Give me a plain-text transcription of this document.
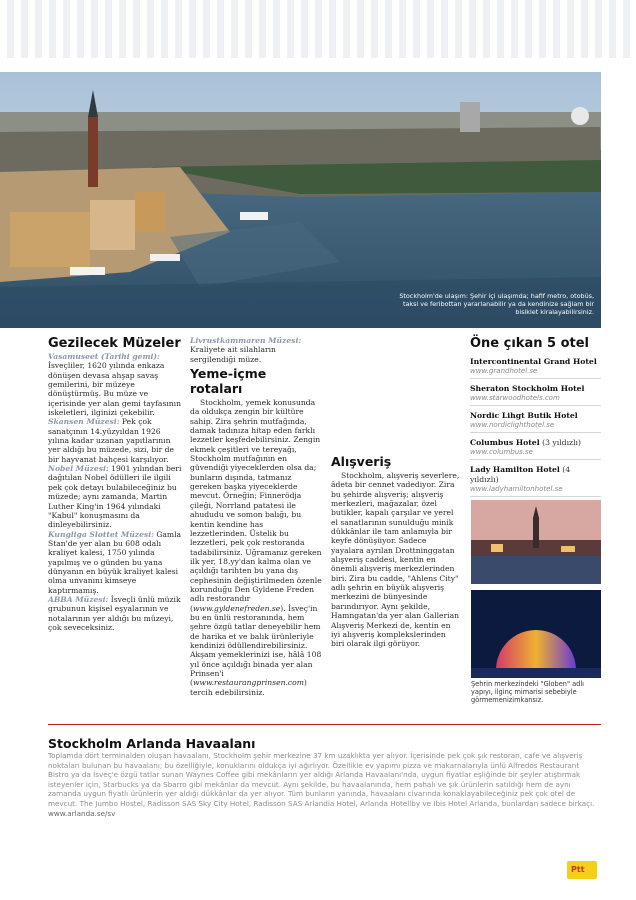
Stockholm'de ulaşım: Şehir içi ulaşımda; hafif metro, otobüs, taksi ve feribottan yararlanabilir ya da kendinize sağlam bir bisiklet kiralayabilirsiniz.
Gezilecek Müzeler

Vasamuseet (Tarihi gemi): İsveçliler, 1620 yılında enkaza dönüşen devasa ahşap savaş gemilerini, bir müzeye dönüştürmüş. Bu müze ve içerisinde yer alan gemi tayfasının iskeletleri, ilginizi çekebilir.

Skansen Müzesi: Pek çok sanatçının 14.yüzyıldan 1926 yılına kadar uzanan yapıtlarının yer aldığı bu müzede, sizi, bir de bir hayvanat bahçesi karşılıyor.

Nobel Müzesi: 1901 yılından beri dağıtılan Nobel ödülleri ile ilgili pek çok detayı bulabileceğiniz bu müzede; aynı zamanda, Martin Luther King'in 1964 yılındaki "Kabul" konuşmasını da dinleyebilirsiniz.

Kungliga Slottet Müzesi: Gamla Stan'de yer alan bu 608 odalı kraliyet kalesi, 1750 yılında yapılmış ve o günden bu yana dünyanın en büyük kraliyet kalesi olma unvanını kimseye kaptırmamış.

ABBA Müzesi: İsveçli ünlü müzik grubunun kişisel eşyalarının ve notalarının yer aldığı bu müzeyi, çok seveceksiniz.

Livrustkammaren Müzesi: Kraliyete ait silahların sergilendiği müze.

Yeme-içme rotaları

Stockholm, yemek konusunda da oldukça zengin bir kültüre sahip. Zira şehrin mutfağında, damak tadınıza hitap eden farklı lezzetler keşfedebilirsiniz. Zengin ekmek çeşitleri ve tereyağı, Stockholm mutfağının en güvendiği yiyeceklerden olsa da; bunların dışında, tatmanız gereken başka yiyeceklerde mevcut. Örneğin; Finnerödja çileği, Norrland patatesi ile ahududu ve somon balığı, bu kentin kendine has lezzetlerinden. Üstelik bu lezzetleri, pek çok restoranda tadabilirsiniz. Uğramanız gereken ilk yer, 18.yy'dan kalma olan ve açıldığı tarihten bu yana dış cephesinin değiştirilmeden özenle korunduğu Den Gyldene Freden adlı restorandır (www.gyldenefreden.se). İsveç'in bu en ünlü restoranında, hem şehre özgü tatlar deneyebilir hem de harika et ve balık ürünleriyle kendinizi ödüllendirebilirsiniz. Akşam yemeklerinizi ise, hâlâ 108 yıl önce açıldığı binada yer alan Prinsen'i (www.restaurangprinsen.com) tercih edebilirsiniz.

Alışveriş

Stockholm, alışveriş severlere, âdeta bir cennet vadediyor. Zira bu şehirde alışveriş; alışveriş merkezleri, mağazalar, özel butikler, kapalı çarşılar ve yerel el sanatlarının sunulduğu minik dükkânlar ile tam anlamıyla bir keyfe dönüşüyor. Sadece yayalara ayrılan Drottninggatan alışveriş caddesi, kentin en önemli alışveriş merkezlerinden biri. Zira bu cadde, "Ahlens City" adlı şehrin en büyük alışveriş merkezini de bünyesinde barındırıyor. Aynı şekilde, Hamngatan'da yer alan Gallerian Alışveriş Merkezi de, kentin en iyi alışveriş komplekslerinden biri olarak ilgi görüyor.

Öne çıkan 5 otel
Intercontinental Grand Hotel
www.grandhotel.se
Sheraton Stockholm Hotel
www.starwoodhotels.com
Nordic Lihgt Butik Hotel
www.nordiclighthotel.se
Columbus Hotel (3 yıldızlı)
www.columbus.se
Lady Hamilton Hotel (4 yıldızlı)
www.ladyhamiltonhotel.se
Şehrin merkezindeki "Globen" adlı yapıyı, ilginç mimarisi sebebiyle görmemenizimkansız.
Stockholm Arlanda Havaalanı

Toplamda dört terminalden oluşan havaalanı, Stockholm şehir merkezine 37 km uzaklıkta yer alıyor. İçerisinde pek çok şık restoran, cafe ve alışveriş noktaları bulunan bu havaalanı; bu özelliğiyle, konuklarını oldukça iyi ağırlıyor. Özellikle ev yapımı pizza ve makarnalarıyla ünlü Alfredos Restaurant Bistro ya da İsveç'e özgü tatlar sunan Waynes Coffee gibi mekânların yer aldığı Arlanda Havaalanı'nda, uygun fiyatlar eşliğinde bir şeyler atıştırmak isteyenler için, Starbucks ya da Sbarro gibi mekânlar da mevcut. Aynı şekilde, bu havaalanında, hem pahalı ve şık ürünlerin satıldığı hem de aynı zamanda uygun fiyatlı ürünlerin yer aldığı dükkânlar da yer alıyor. Tüm bunların yanında, havaalanı civarında konaklayabileceğiniz pek çok otel de mevcut. The Jumbo Hostel, Radisson SAS Sky City Hotel, Radisson SAS Arlandia Hotel, Arlanda Hotellby ve Ibis Hotel Arlanda, bunlardan sadece birkaçı.

www.arlanda.se/sv

Ptt
